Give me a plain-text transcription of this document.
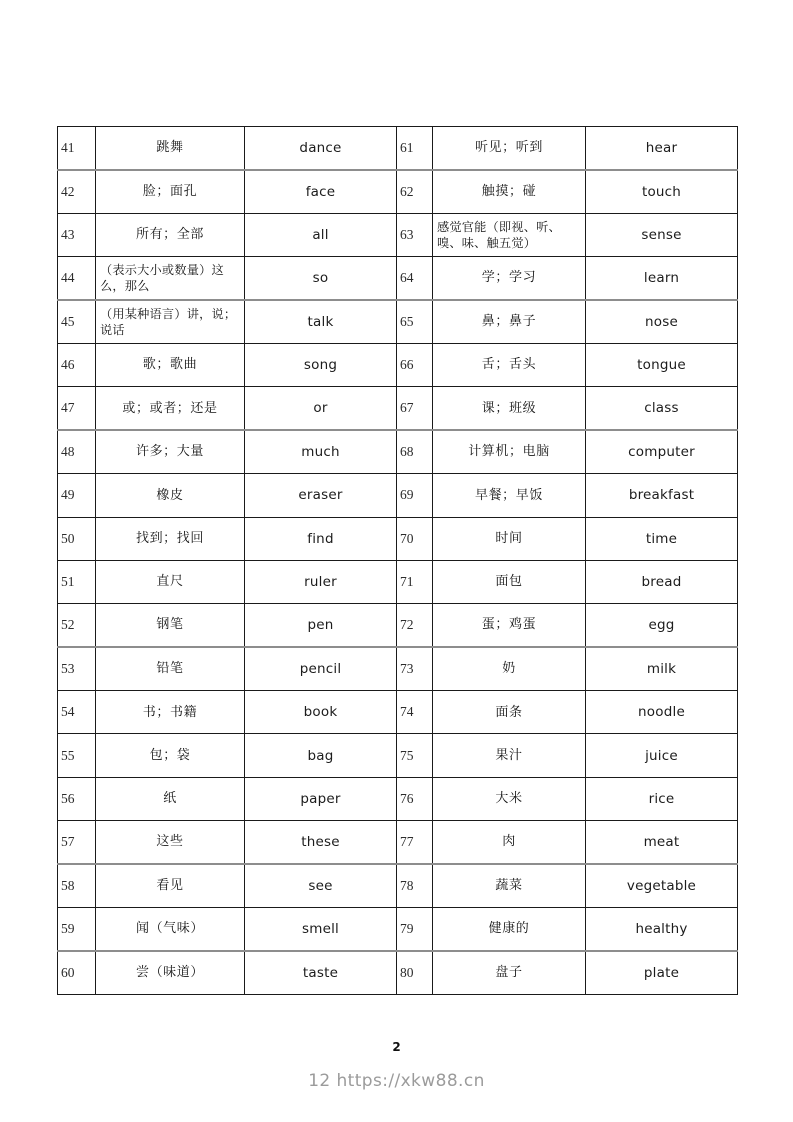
41	跳舞	dance	61	听见；听到	hear
42	脸；面孔	face	62	触摸；碰	touch
43	所有；全部	all	63	感觉官能（即视、听、嗅、味、触五觉）	sense
44	（表示大小或数量）这么，那么	so	64	学；学习	learn
45	（用某种语言）讲，说；说话	talk	65	鼻；鼻子	nose
46	歌；歌曲	song	66	舌；舌头	tongue
47	或；或者；还是	or	67	课；班级	class
48	许多；大量	much	68	计算机；电脑	computer
49	橡皮	eraser	69	早餐；早饭	breakfast
50	找到；找回	find	70	时间	time
51	直尺	ruler	71	面包	bread
52	钢笔	pen	72	蛋；鸡蛋	egg
53	铅笔	pencil	73	奶	milk
54	书；书籍	book	74	面条	noodle
55	包；袋	bag	75	果汁	juice
56	纸	paper	76	大米	rice
57	这些	these	77	肉	meat
58	看见	see	78	蔬菜	vegetable
59	闻（气味）	smell	79	健康的	healthy
60	尝（味道）	taste	80	盘子	plate
2
12 https://xkw88.cn
